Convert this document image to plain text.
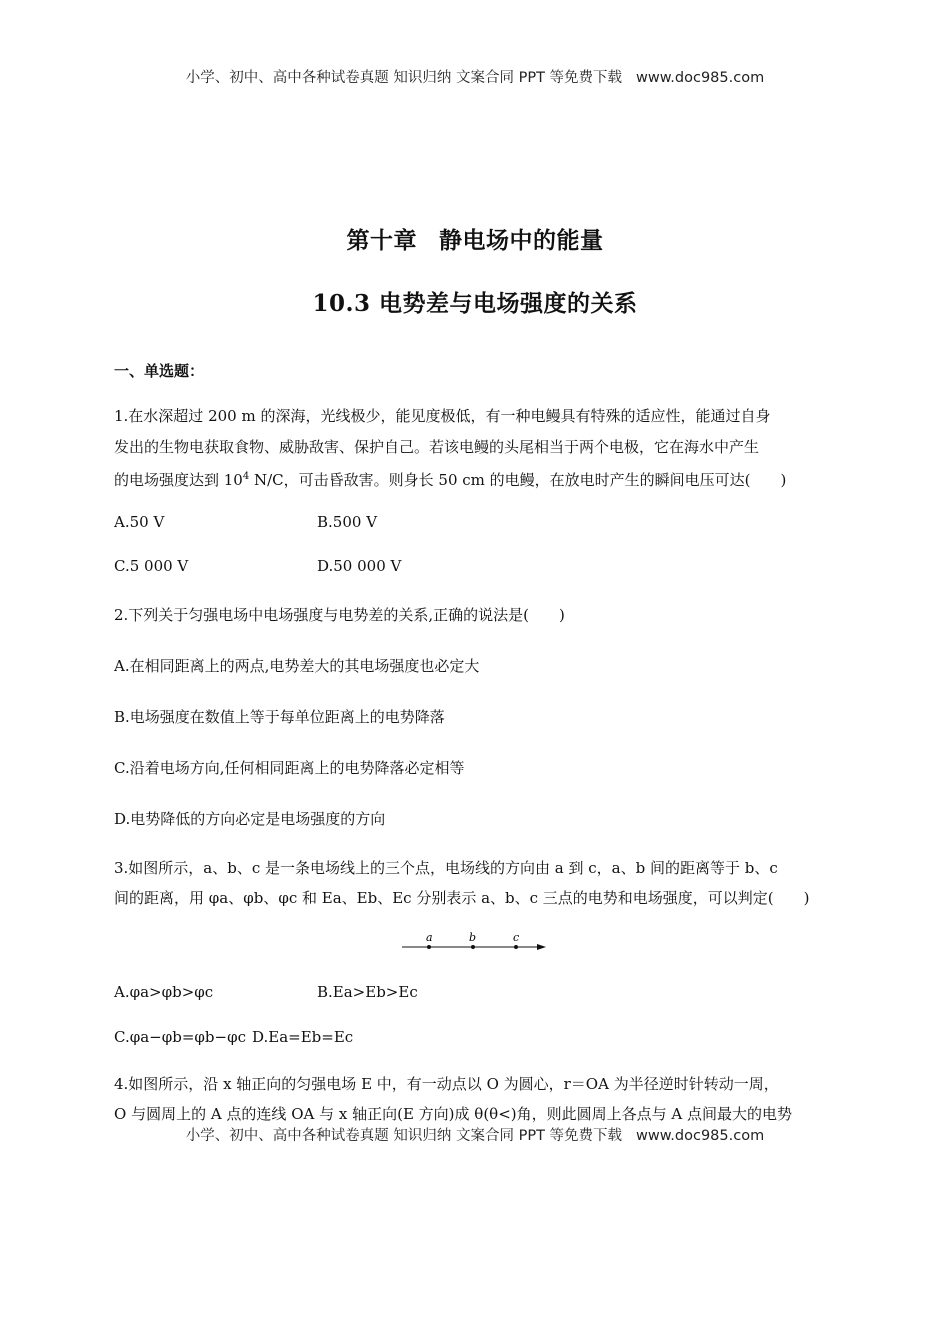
小学、初中、高中各种试卷真题 知识归纳 文案合同 PPT 等免费下载 www.doc985.com
第十章 静电场中的能量
10.3 电势差与电场强度的关系
一、单选题：
1.在水深超过 200 m 的深海，光线极少，能见度极低，有一种电鳗具有特殊的适应性，能通过自身
发出的生物电获取食物、威胁敌害、保护自己。若该电鳗的头尾相当于两个电极，它在海水中产生
的电场强度达到 $10^4$ N/C，可击昏敌害。则身长 50 cm 的电鳗，在放电时产生的瞬间电压可达( )
A.50 V	B.500 V
C.5 000 V	D.50 000 V
2.下列关于匀强电场中电场强度与电势差的关系,正确的说法是( )
A.在相同距离上的两点,电势差大的其电场强度也必定大
B.电场强度在数值上等于每单位距离上的电势降落
C.沿着电场方向,任何相同距离上的电势降落必定相等
D.电势降低的方向必定是电场强度的方向
3.如图所示，a、b、c 是一条电场线上的三个点，电场线的方向由 a 到 c，a、b 间的距离等于 b、c
间的距离，用 φa、φb、φc 和 Ea、Eb、Ec 分别表示 a、b、c 三点的电势和电场强度，可以判定( )
a	b	c
A.φa>φb>φc	B.Ea>Eb>Ec
C.φa−φb=φb−φc D.Ea=Eb=Ec
4.如图所示，沿 x 轴正向的匀强电场 E 中，有一动点以 O 为圆心，r＝OA 为半径逆时针转动一周，
O 与圆周上的 A 点的连线 OA 与 x 轴正向(E 方向)成 θ(θ<)角，则此圆周上各点与 A 点间最大的电势
小学、初中、高中各种试卷真题 知识归纳 文案合同 PPT 等免费下载 www.doc985.com
